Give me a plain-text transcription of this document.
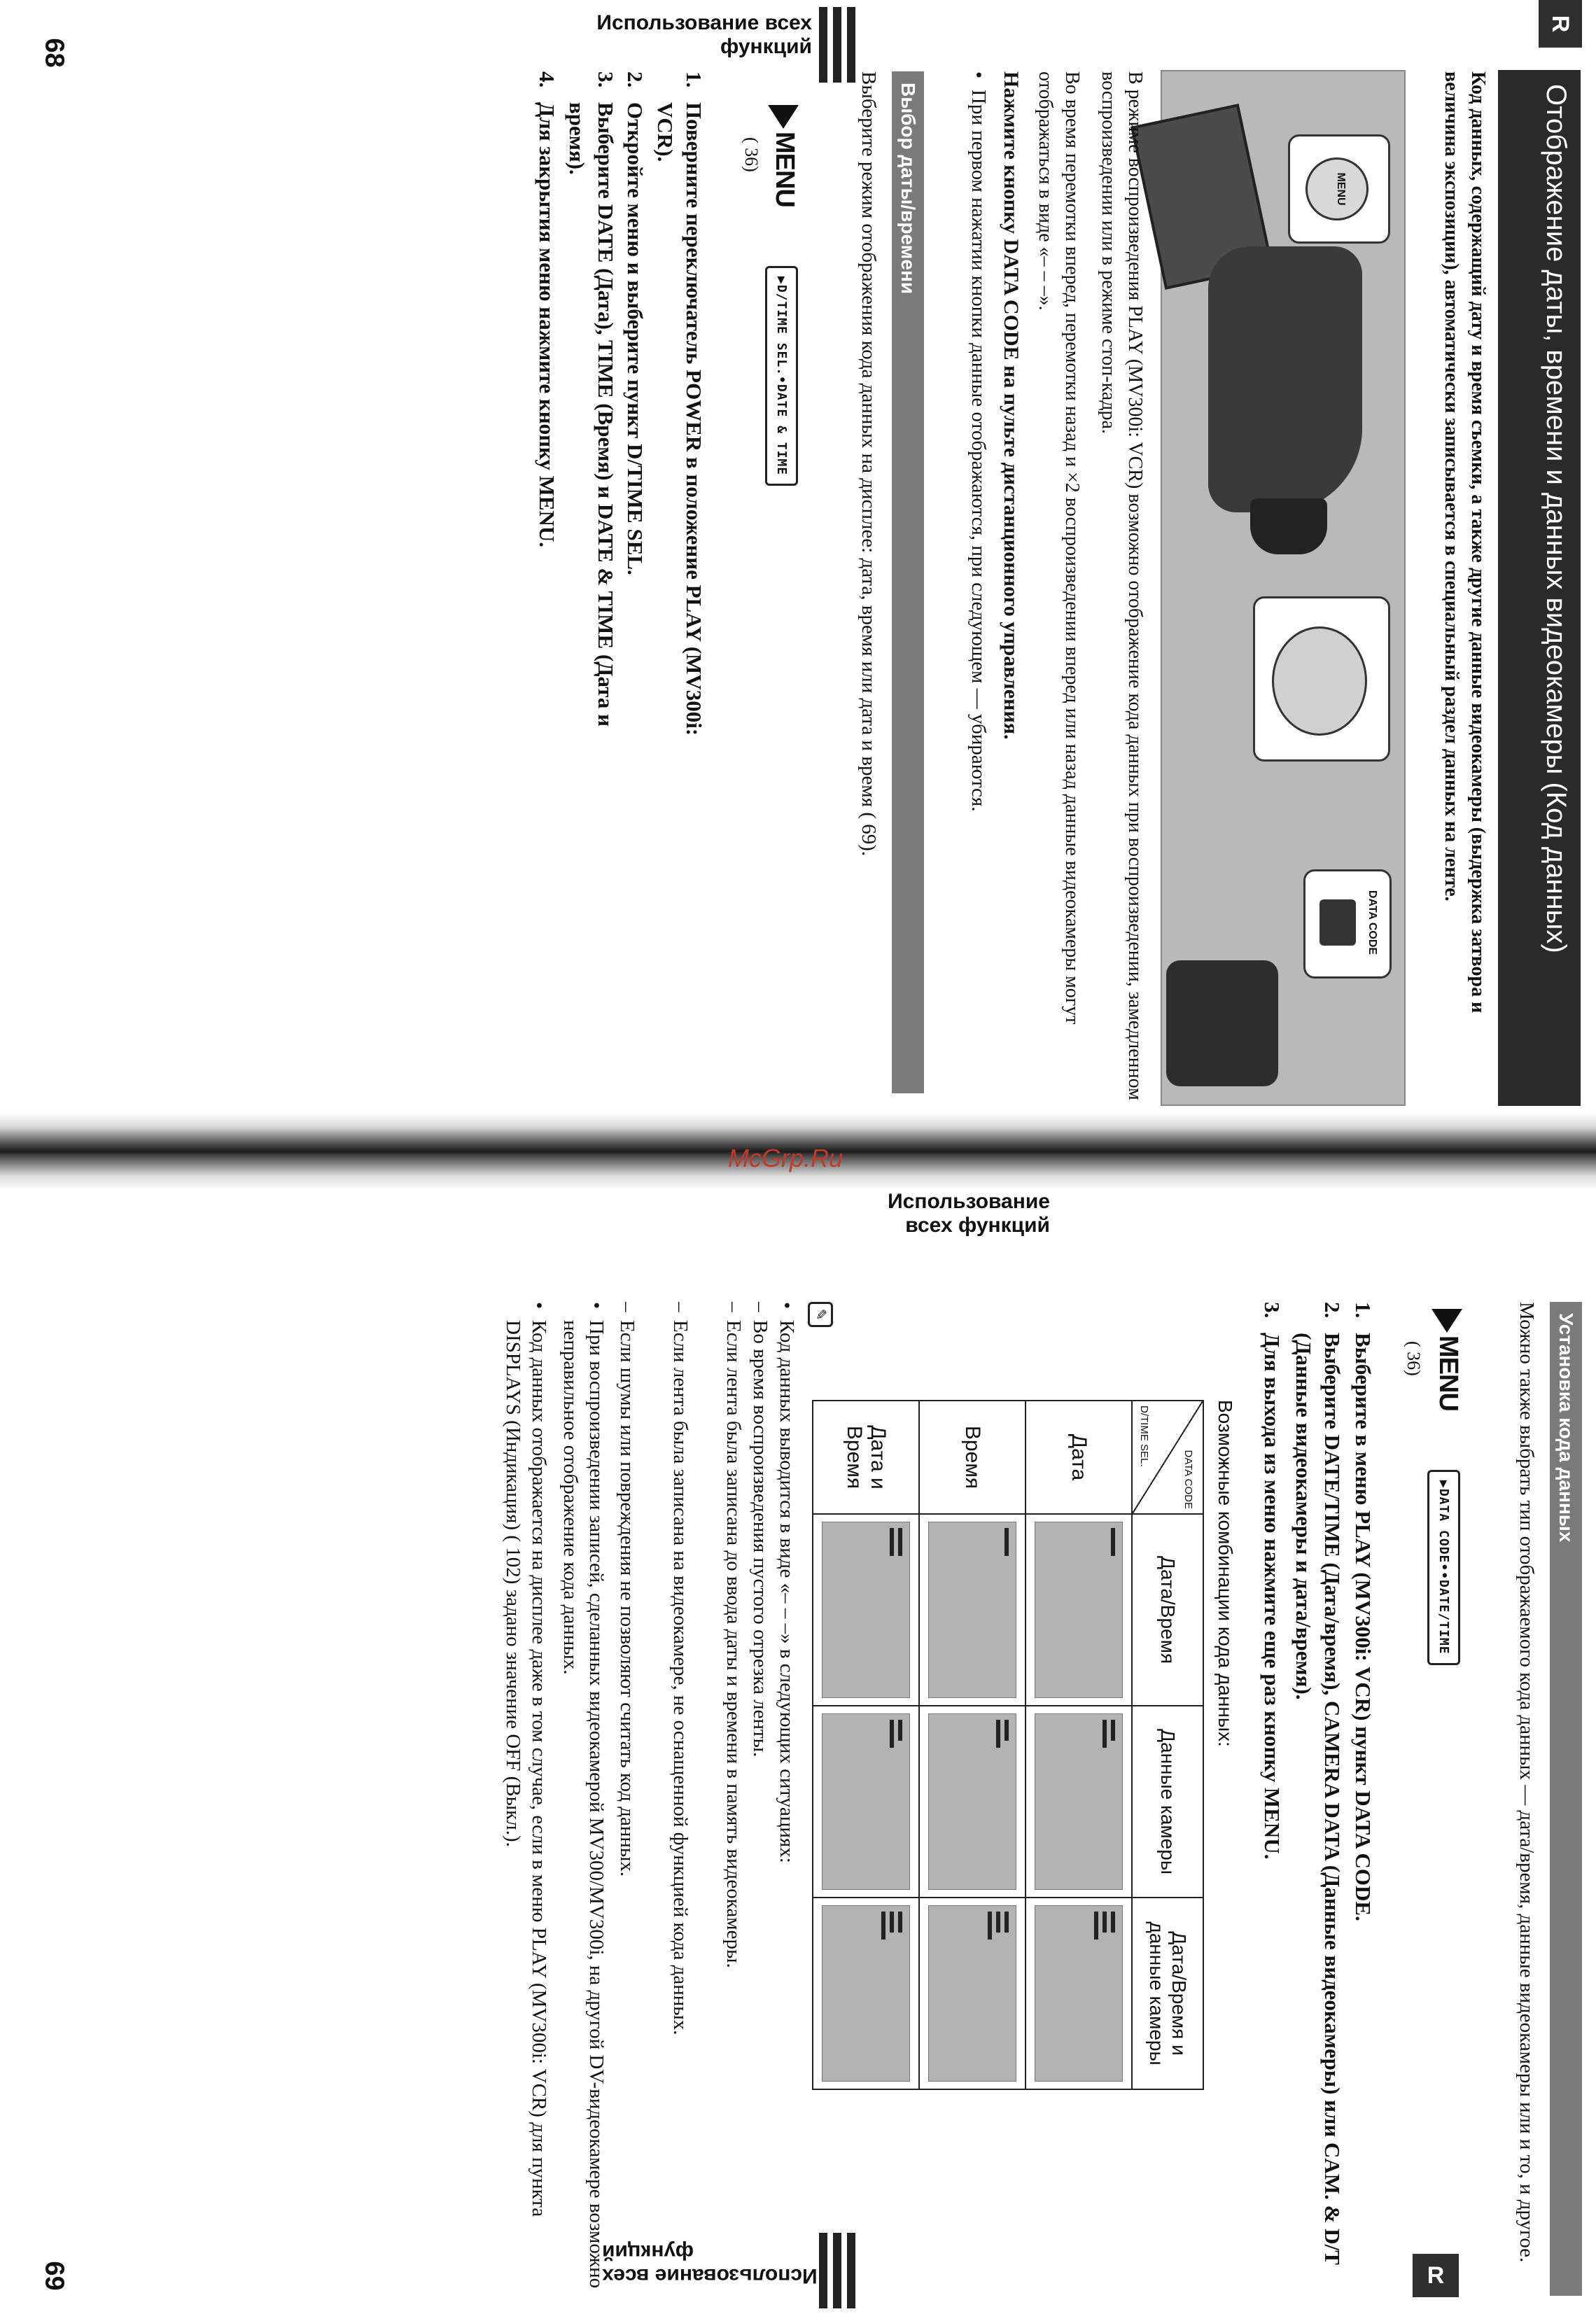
R
Отображение даты, времени и данных видеокамеры (Код данных)

Код данных, содержащий дату и время съемки, а также другие данные видеокамеры (выдержка затвора и величина экспозиции), автоматически записывается в специальный раздел данных на ленте.

MENU
DATA CODE

В режиме воспроизведения PLAY (MV300i: VCR) возможно отображение кода данных при воспроизведении, замедленном воспроизведении или в режиме стоп-кадра.

Во время перемотки вперед, перемотки назад и ×2 воспроизведении вперед или назад данные видеокамеры могут отображаться в виде «– – –».

Нажмите кнопку DATA CODE на пульте дистанционного управления.

•
При первом нажатии кнопки данные отображаются, при следующем — убираются.
Выбор даты/времени

Выберите режим отображения кода данных на дисплее: дата, время или дата и время ( 69).

MENU
( 36)
▶D/TIME SEL.•DATE & TIME
1.
Поверните переключатель POWER в положение PLAY (MV300i: VCR).
2.
Откройте меню и выберите пункт D/TIME SEL.
3.
Выберите DATE (Дата), TIME (Время) и DATE & TIME (Дата и время).
4.
Для закрытия меню нажмите кнопку MENU.
Использование всех функций
Использование всех функций
68
McGrp.Ru
Установка кода данных

Можно также выбрать тип отображаемого кода данных — дата/время, данные видеокамеры или и то, и другое.

MENU
( 36)
▶DATA CODE••DATE/TIME
1.
Выберите в меню PLAY (MV300i: VCR) пункт DATA CODE.
2.
Выберите DATE/TIME (Дата/время), CAMERA DATA (Данные видеокамеры) или CAM. & D/T (Данные видеокамеры и дата/время).
3.
Для выхода из меню нажмите еще раз кнопку MENU.

Возможные комбинации кода данных:

DATA CODE
D/TIME SEL.	Дата/Время	Данные камеры	Дата/Время и данные камеры
Дата	

Время	

Дата и Время	

✎
•
Код данных выводится в виде «– – –» в следующих ситуациях:
–
Во время воспроизведения пустого отрезка ленты.
–
Если лента была записана до ввода даты и времени в память видеокамеры.
–
Если лента была записана на видеокамере, не оснащенной функцией кода данных.
–
Если шумы или повреждения не позволяют считать код данных.
•
При воспроизведении записей, сделанных видеокамерой MV300/MV300i, на другой DV-видеокамере возможно неправильное отображение кода данных.
•
Код данных отображается на дисплее даже в том случае, если в меню PLAY (MV300i: VCR) для пункта DISPLAYS (Индикация) ( 102) задано значение OFF (Выкл.).
R
Использование всех функций
69
